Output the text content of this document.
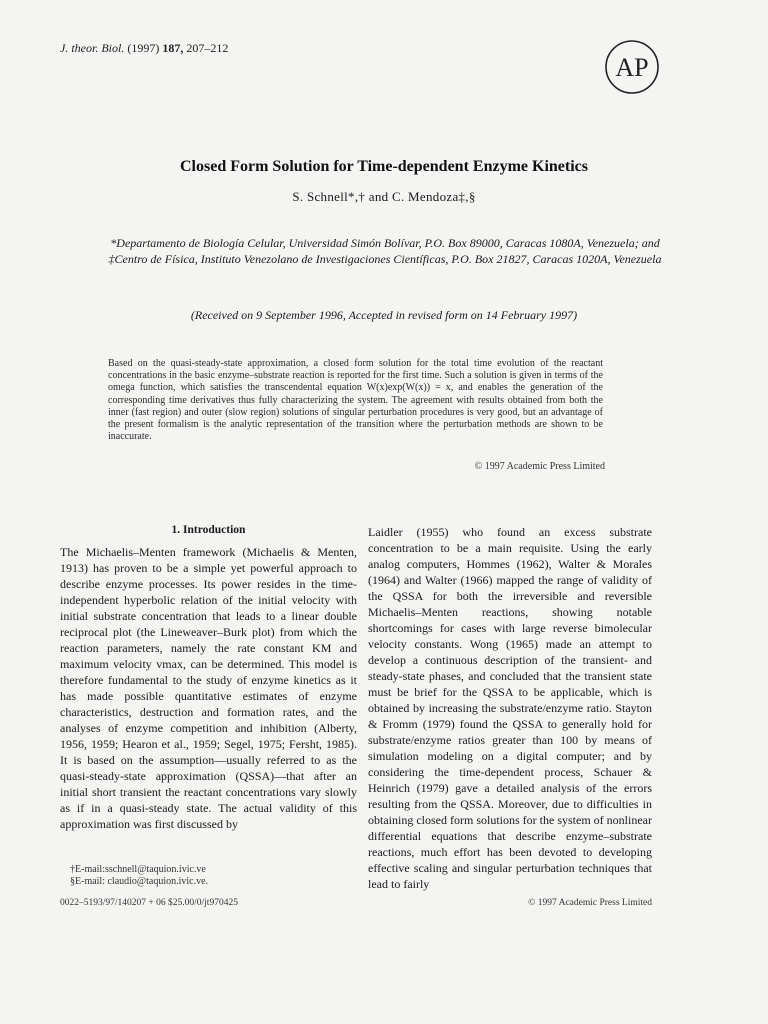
J. theor. Biol. (1997) 187, 207–212
AP
Closed Form Solution for Time-dependent Enzyme Kinetics
S. Schnell*,† and C. Mendoza‡,§
*Departamento de Biología Celular, Universidad Simón Bolívar, P.O. Box 89000, Caracas 1080A, Venezuela; and ‡Centro de Física, Instituto Venezolano de Investigaciones Científicas, P.O. Box 21827, Caracas 1020A, Venezuela
(Received on 9 September 1996, Accepted in revised form on 14 February 1997)
Based on the quasi-steady-state approximation, a closed form solution for the total time evolution of the reactant concentrations in the basic enzyme–substrate reaction is reported for the first time. Such a solution is given in terms of the omega function, which satisfies the transcendental equation W(x)exp(W(x)) = x, and enables the generation of the corresponding time derivatives thus fully characterizing the system. The agreement with results obtained from both the inner (fast region) and outer (slow region) solutions of singular perturbation procedures is very good, but an advantage of the present formalism is the analytic representation of the transition where the perturbation methods are shown to be inaccurate.
© 1997 Academic Press Limited
1. Introduction

The Michaelis–Menten framework (Michaelis & Menten, 1913) has proven to be a simple yet powerful approach to describe enzyme processes. Its power resides in the time-independent hyperbolic relation of the initial velocity with initial substrate concentration that leads to a linear double reciprocal plot (the Lineweaver–Burk plot) from which the reaction parameters, namely the rate constant KM and maximum velocity vmax, can be determined. This model is therefore fundamental to the study of enzyme kinetics as it has made possible quantitative estimates of enzyme characteristics, destruction and formation rates, and the analyses of enzyme competition and inhibition (Alberty, 1956, 1959; Hearon et al., 1959; Segel, 1975; Fersht, 1985). It is based on the assumption—usually referred to as the quasi-steady-state approximation (QSSA)—that after an initial short transient the reactant concentrations vary slowly as if in a quasi-steady state. The actual validity of this approximation was first discussed by

Laidler (1955) who found an excess substrate concentration to be a main requisite. Using the early analog computers, Hommes (1962), Walter & Morales (1964) and Walter (1966) mapped the range of validity of the QSSA for both the irreversible and reversible Michaelis–Menten reactions, showing notable shortcomings for cases with large reverse bimolecular velocity constants. Wong (1965) made an attempt to develop a continuous description of the transient- and steady-state phases, and concluded that the transient state must be brief for the QSSA to be applicable, which is obtained by increasing the substrate/enzyme ratio. Stayton & Fromm (1979) found the QSSA to generally hold for substrate/enzyme ratios greater than 100 by means of simulation modeling on a digital computer; and by considering the time-dependent process, Schauer & Heinrich (1979) gave a detailed analysis of the errors resulting from the QSSA. Moreover, due to difficulties in obtaining closed form solutions for the system of nonlinear differential equations that describe enzyme–substrate reactions, much effort has been devoted to developing effective scaling and singular perturbation techniques that lead to fairly

†E-mail:sschnell@taquion.ivic.ve
§E-mail: claudio@taquion.ivic.ve.
0022–5193/97/140207 + 06 $25.00/0/jt970425	© 1997 Academic Press Limited
